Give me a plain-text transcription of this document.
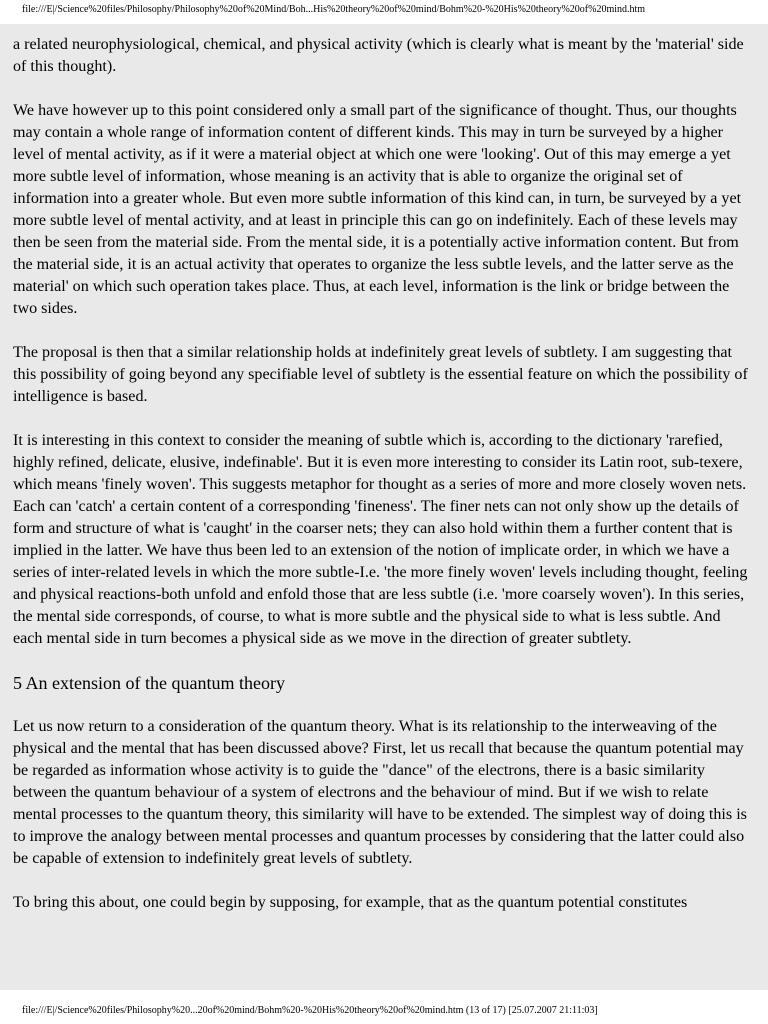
file:///E|/Science%20files/Philosophy/Philosophy%20of%20Mind/Boh...His%20theory%20of%20mind/Bohm%20-%20His%20theory%20of%20mind.htm

a related neurophysiological, chemical, and physical activity (which is clearly what is meant by the 'material' side of this thought).

We have however up to this point considered only a small part of the significance of thought. Thus, our thoughts may contain a whole range of information content of different kinds. This may in turn be surveyed by a higher level of mental activity, as if it were a material object at which one were 'looking'. Out of this may emerge a yet more subtle level of information, whose meaning is an activity that is able to organize the original set of information into a greater whole. But even more subtle information of this kind can, in turn, be surveyed by a yet more subtle level of mental activity, and at least in principle this can go on indefinitely. Each of these levels may then be seen from the material side. From the mental side, it is a potentially active information content. But from the material side, it is an actual activity that operates to organize the less subtle levels, and the latter serve as the material' on which such operation takes place. Thus, at each level, information is the link or bridge between the two sides.

The proposal is then that a similar relationship holds at indefinitely great levels of subtlety. I am suggesting that this possibility of going beyond any specifiable level of subtlety is the essential feature on which the possibility of intelligence is based.

It is interesting in this context to consider the meaning of subtle which is, according to the dictionary 'rarefied, highly refined, delicate, elusive, indefinable'. But it is even more interesting to consider its Latin root, sub-texere, which means 'finely woven'. This suggests metaphor for thought as a series of more and more closely woven nets. Each can 'catch' a certain content of a corresponding 'fineness'. The finer nets can not only show up the details of form and structure of what is 'caught' in the coarser nets; they can also hold within them a further content that is implied in the latter. We have thus been led to an extension of the notion of implicate order, in which we have a series of inter-related levels in which the more subtle-I.e. 'the more finely woven' levels including thought, feeling and physical reactions-both unfold and enfold those that are less subtle (i.e. 'more coarsely woven'). In this series, the mental side corresponds, of course, to what is more subtle and the physical side to what is less subtle. And each mental side in turn becomes a physical side as we move in the direction of greater subtlety.

5 An extension of the quantum theory

Let us now return to a consideration of the quantum theory. What is its relationship to the interweaving of the physical and the mental that has been discussed above? First, let us recall that because the quantum potential may be regarded as information whose activity is to guide the "dance" of the electrons, there is a basic similarity between the quantum behaviour of a system of electrons and the behaviour of mind. But if we wish to relate mental processes to the quantum theory, this similarity will have to be extended. The simplest way of doing this is to improve the analogy between mental processes and quantum processes by considering that the latter could also be capable of extension to indefinitely great levels of subtlety.

To bring this about, one could begin by supposing, for example, that as the quantum potential constitutes

file:///E|/Science%20files/Philosophy%20...20of%20mind/Bohm%20-%20His%20theory%20of%20mind.htm (13 of 17) [25.07.2007 21:11:03]
